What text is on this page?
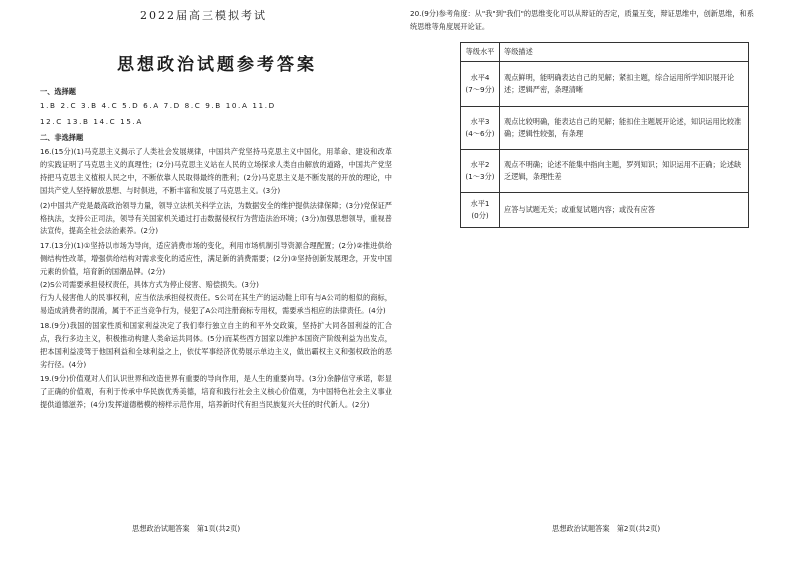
2022届高三模拟考试
思想政治试题参考答案
一、选择题
1.B 2.C 3.B 4.C 5.D 6.A 7.D 8.C 9.B 10.A 11.D
12.C 13.B 14.C 15.A
二、非选择题

16.(15分)(1)马克思主义揭示了人类社会发展规律，中国共产党坚持马克思主义中国化，用革命、建设和改革的实践证明了马克思主义的真理性；(2分)马克思主义站在人民的立场探求人类自由解放的道路，中国共产党坚持把马克思主义植根人民之中，不断依靠人民取得最终的胜利；(2分)马克思主义是不断发展的开放的理论，中国共产党人坚持解放思想、与时俱进，不断丰富和发展了马克思主义。(3分)

(2)中国共产党是最高政治领导力量，领导立法机关科学立法，为数据安全的维护提供法律保障；(3分)党保证严格执法，支持公正司法，领导有关国家机关通过打击数据侵权行为营造法治环境；(3分)加强思想领导，重视普法宣传，提高全社会法治素养。(2分)

17.(13分)(1)①坚持以市场为导向，适应消费市场的变化，利用市场机制引导资源合理配置；(2分)②推进供给侧结构性改革，增强供给结构对需求变化的适应性，满足新的消费需要；(2分)③坚持创新发展理念，开发中国元素的价值，培育新的国潮品牌。(2分)

(2)S公司需要承担侵权责任，具体方式为停止侵害、赔偿损失。(3分)

行为人侵害他人的民事权利，应当依法承担侵权责任。S公司在其生产的运动鞋上印有与A公司的相似的商标，易造成消费者的混淆，属于不正当竞争行为，侵犯了A公司注册商标专用权，需要承当相应的法律责任。(4分)

18.(9分)我国的国家性质和国家利益决定了我们奉行独立自主的和平外交政策，坚持扩大同各国利益的汇合点，我行多边主义，积极推动构建人类命运共同体。(5分)而某些西方国家以维护本国资产阶级利益为出发点，把本国利益凌驾于他国利益和全球利益之上，依仗军事经济优势展示单边主义，做出霸权主义和强权政治的恶劣行径。(4分)

19.(9分)价值观对人们认识世界和改造世界有重要的导向作用，是人生的重要向导。(3分)余静信守承诺，彰显了正确的价值观，有利于传承中华民族优秀美德，培育和践行社会主义核心价值观，为中国特色社会主义事业提供道德滋养；(4分)发挥道德楷模的榜样示范作用，培养新时代有担当民族复兴大任的时代新人。(2分)

思想政治试题答案　第1页(共2页)

20.(9分)参考角度：从"我"到"我们"的思维变化可以从辩证的否定，质量互变，辩证思维中，创新思维，和系统思维等角度展开论证。

等级水平	等级描述

水平4
(7～9分)	观点鲜明，能明确表达自己的见解；紧扣主题，综合运用所学知识展开论述；逻辑严密，条理清晰

水平3
(4～6分)	观点比较明确，能表达自己的见解；能扣住主题展开论述，知识运用比较准确；逻辑性较强，有条理

水平2
(1～3分)	观点不明确；论述不能集中指向主题，罗列知识；知识运用不正确；论述缺乏逻辑，条理性差

水平1
(0分)	应答与试题无关；或重复试题内容；或没有应答
思想政治试题答案　第2页(共2页)
